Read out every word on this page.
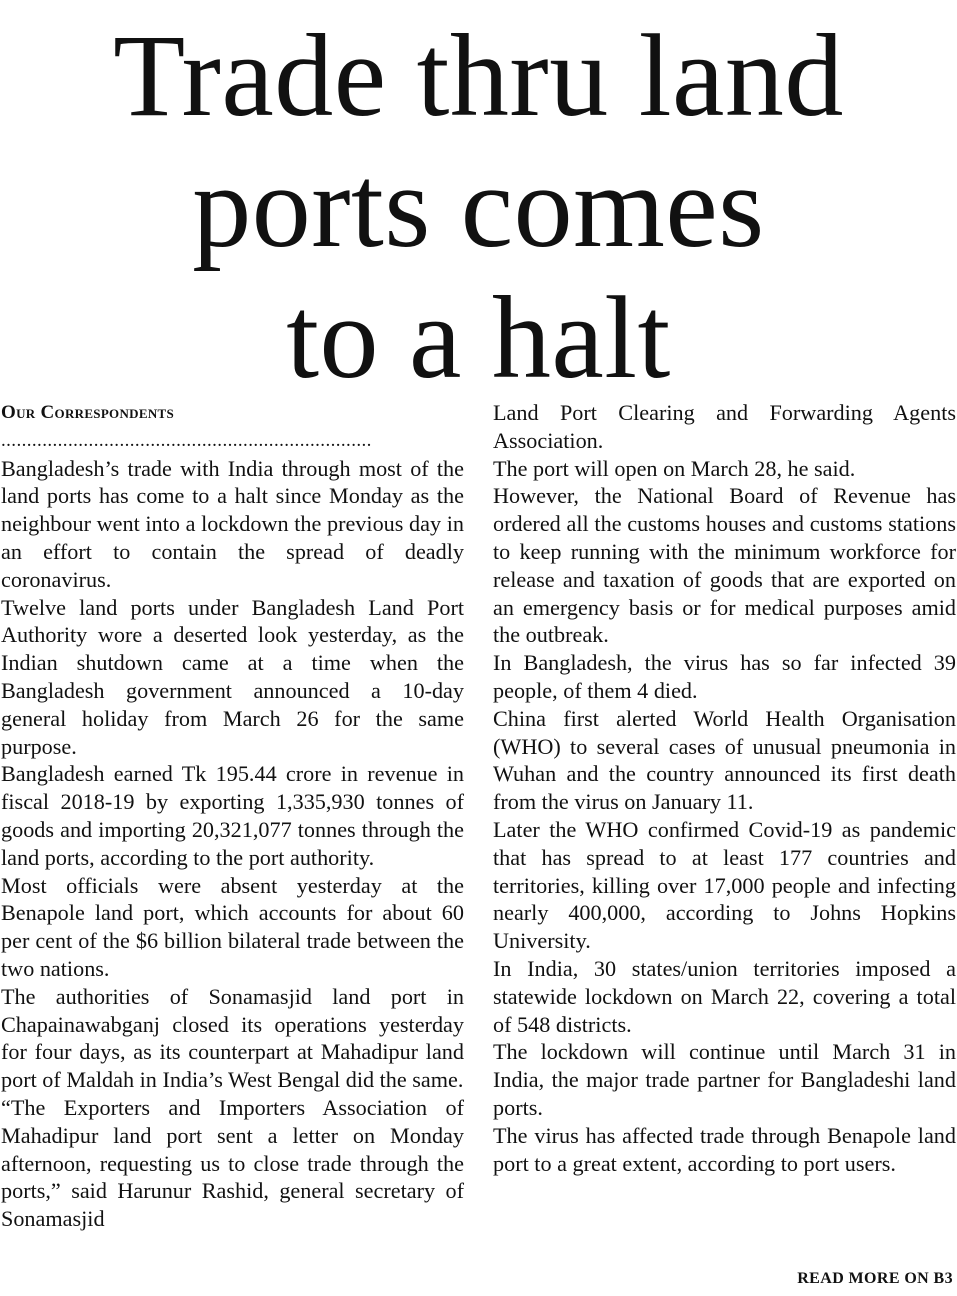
Trade thru land
ports comes
to a halt

Our Correspondents

........................................................................

Bangladesh’s trade with India through most of the land ports has come to a halt since Monday as the neighbour went into a lockdown the previous day in an effort to contain the spread of deadly coronavirus.

Twelve land ports under Bangladesh Land Port Authority wore a deserted look yesterday, as the Indian shutdown came at a time when the Bangladesh government announced a 10-day general holiday from March 26 for the same purpose.

Bangladesh earned Tk 195.44 crore in revenue in fiscal 2018-19 by exporting 1,335,930 tonnes of goods and importing 20,321,077 tonnes through the land ports, according to the port authority.

Most officials were absent yesterday at the Benapole land port, which accounts for about 60 per cent of the $6 billion bilateral trade between the two nations.

The authorities of Sonamasjid land port in Chapainawabganj closed its operations yesterday for four days, as its counterpart at Mahadipur land port of Maldah in India’s West Bengal did the same.

“The Exporters and Importers Association of Mahadipur land port sent a letter on Monday afternoon, requesting us to close trade through the ports,” said Harunur Rashid, general secretary of Sonamasjid

Land Port Clearing and Forwarding Agents Association.

The port will open on March 28, he said.

However, the National Board of Revenue has ordered all the customs houses and customs stations to keep running with the minimum workforce for release and taxation of goods that are exported on an emergency basis or for medical purposes amid the outbreak.

In Bangladesh, the virus has so far infected 39 people, of them 4 died.

China first alerted World Health Organisation (WHO) to several cases of unusual pneumonia in Wuhan and the country announced its first death from the virus on January 11.

Later the WHO confirmed Covid-19 as pandemic that has spread to at least 177 countries and territories, killing over 17,000 people and infecting nearly 400,000, according to Johns Hopkins University.

In India, 30 states/union territories imposed a statewide lockdown on March 22, covering a total of 548 districts.

The lockdown will continue until March 31 in India, the major trade partner for Bangladeshi land ports.

The virus has affected trade through Benapole land port to a great extent, according to port users.

READ MORE ON B3
